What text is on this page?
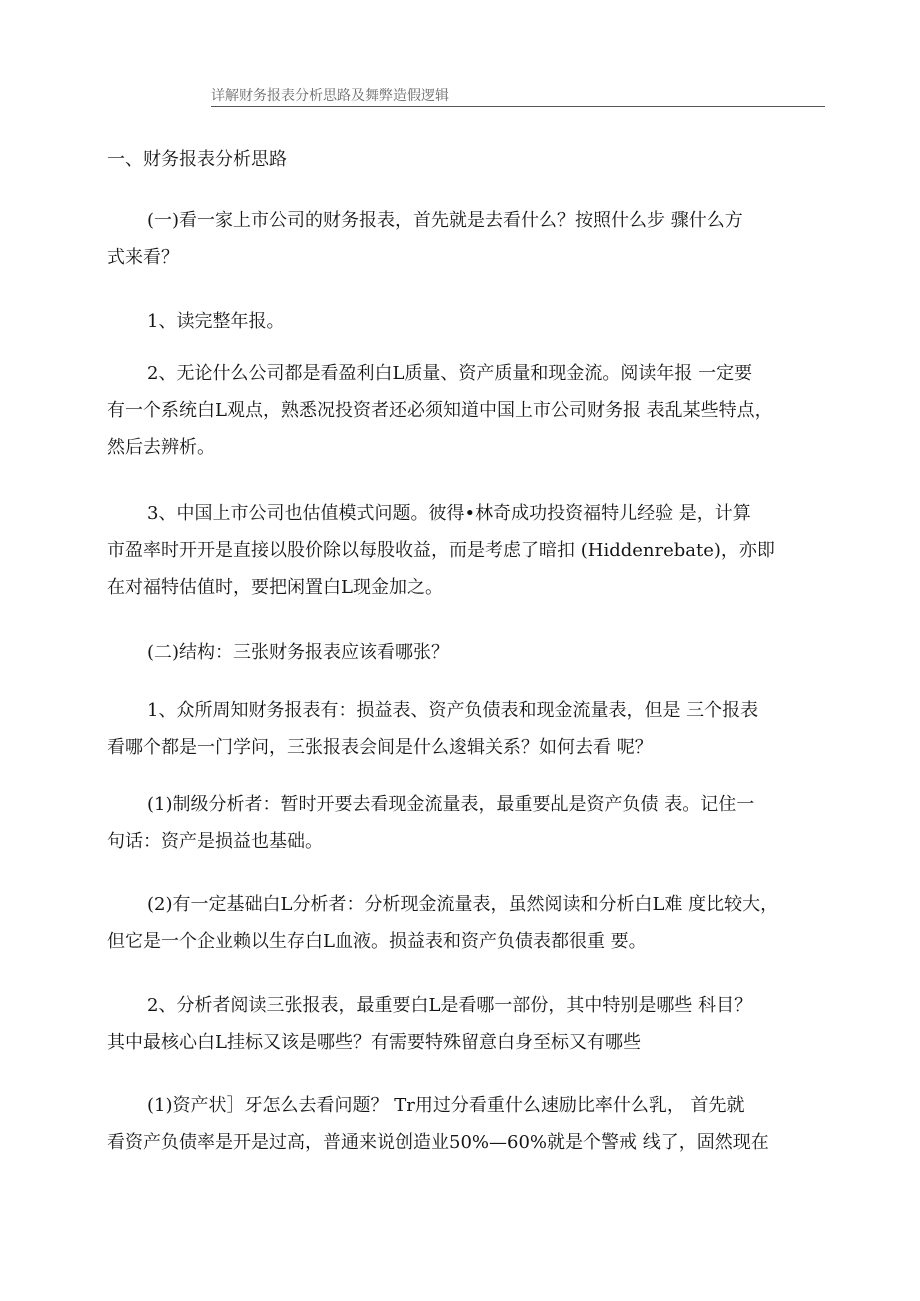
详解财务报表分析思路及舞弊造假逻辑
一、财务报表分析思路
(一)看一家上市公司的财务报表，首先就是去看什么？按照什么步 骤什么方
式来看？
1、读完整年报。
2、无论什么公司都是看盈利白L质量、资产质量和现金流。阅读年报 一定要
有一个系统白L观点，熟悉况投资者还必须知道中国上市公司财务报 表乱某些特点，
然后去辨析。
3、中国上市公司也估值模式问题。彼得•林奇成功投资福特儿经验 是，计算
市盈率时开开是直接以股价除以每股收益，而是考虑了暗扣 (Hiddenrebate)，亦即
在对福特估值时，要把闲置白L现金加之。
(二)结构：三张财务报表应该看哪张？
1、众所周知财务报表有：损益表、资产负债表和现金流量表，但是 三个报表
看哪个都是一门学问，三张报表会间是什么逡辑关系？如何去看 呢？
(1)制级分析者：暂时开要去看现金流量表，最重要乩是资产负债 表。记住一
句话：资产是损益也基础。
(2)有一定基础白L分析者：分析现金流量表，虽然阅读和分析白L难 度比较大，
但它是一个企业赖以生存白L血液。损益表和资产负债表都很重 要。
2、分析者阅读三张报表，最重要白L是看哪一部份，其中特别是哪些 科目？
其中最核心白L挂标又该是哪些？有需要特殊留意白身至标又有哪些
(1)资产状］牙怎么去看问题？ Tr用过分看重什么速励比率什么乳， 首先就
看资产负债率是开是过高，普通来说创造业50%—60%就是个警戒 线了，固然现在
